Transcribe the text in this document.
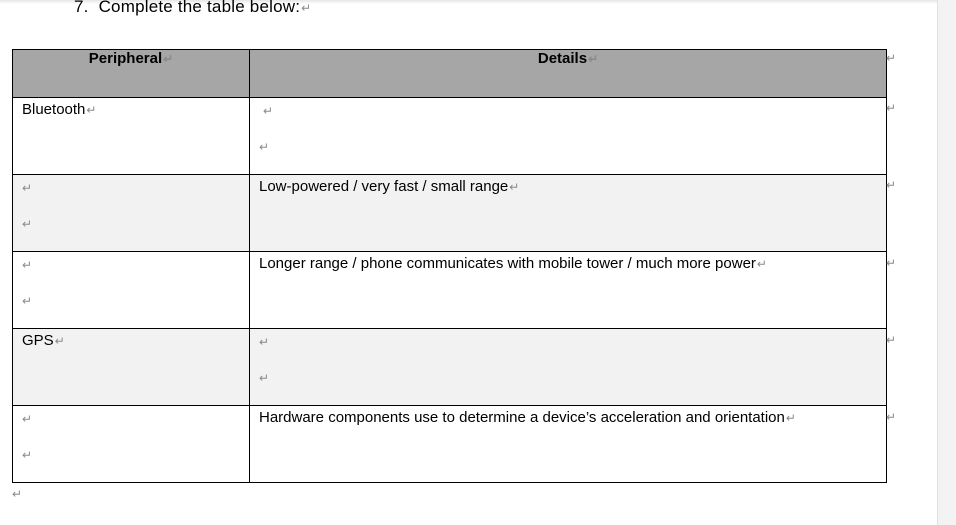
7. Complete the table below:↵
Peripheral↵	Details↵

Bluetooth↵	↵
↵

↵
↵	Low-powered / very fast / small range↵

↵
↵	Longer range / phone communicates with mobile tower / much more power↵

GPS↵	↵
↵

↵
↵	Hardware components use to determine a device’s acceleration and orientation↵
↵
↵
↵
↵
↵
↵
↵
